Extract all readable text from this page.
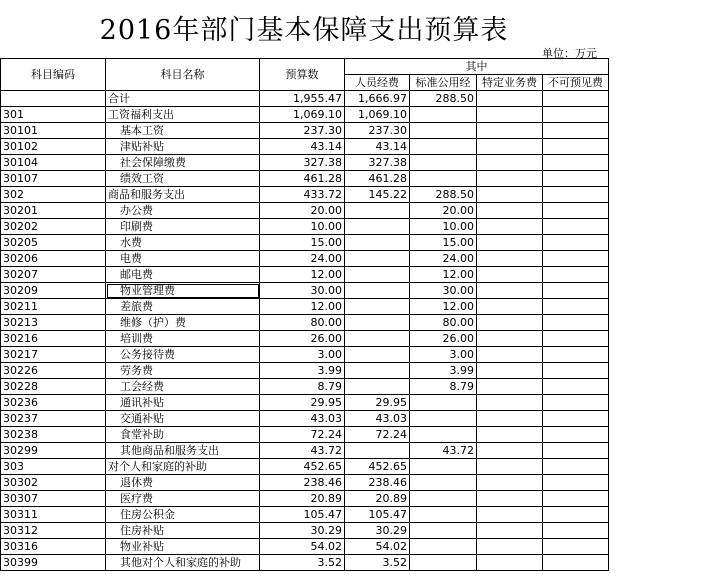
2016年部门基本保障支出预算表
单位：万元
科目编码	科目名称	预算数	其中			
			人员经费	标准公用经	特定业务费	不可预见费
	合计	1,955.47	1,666.97	288.50		
301	工资福利支出	1,069.10	1,069.10			
30101	基本工资	237.30	237.30			
30102	津贴补贴	43.14	43.14			
30104	社会保障缴费	327.38	327.38			
30107	绩效工资	461.28	461.28			
302	商品和服务支出	433.72	145.22	288.50		
30201	办公费	20.00		20.00		
30202	印刷费	10.00		10.00		
30205	水费	15.00		15.00		
30206	电费	24.00		24.00		
30207	邮电费	12.00		12.00		
30209	物业管理费	30.00		30.00		
30211	差旅费	12.00		12.00		
30213	维修（护）费	80.00		80.00		
30216	培训费	26.00		26.00		
30217	公务接待费	3.00		3.00		
30226	劳务费	3.99		3.99		
30228	工会经费	8.79		8.79		
30236	通讯补贴	29.95	29.95			
30237	交通补贴	43.03	43.03			
30238	食堂补助	72.24	72.24			
30299	其他商品和服务支出	43.72		43.72		
303	对个人和家庭的补助	452.65	452.65			
30302	退休费	238.46	238.46			
30307	医疗费	20.89	20.89			
30311	住房公积金	105.47	105.47			
30312	住房补贴	30.29	30.29			
30316	物业补贴	54.02	54.02			
30399	其他对个人和家庭的补助	3.52	3.52			
